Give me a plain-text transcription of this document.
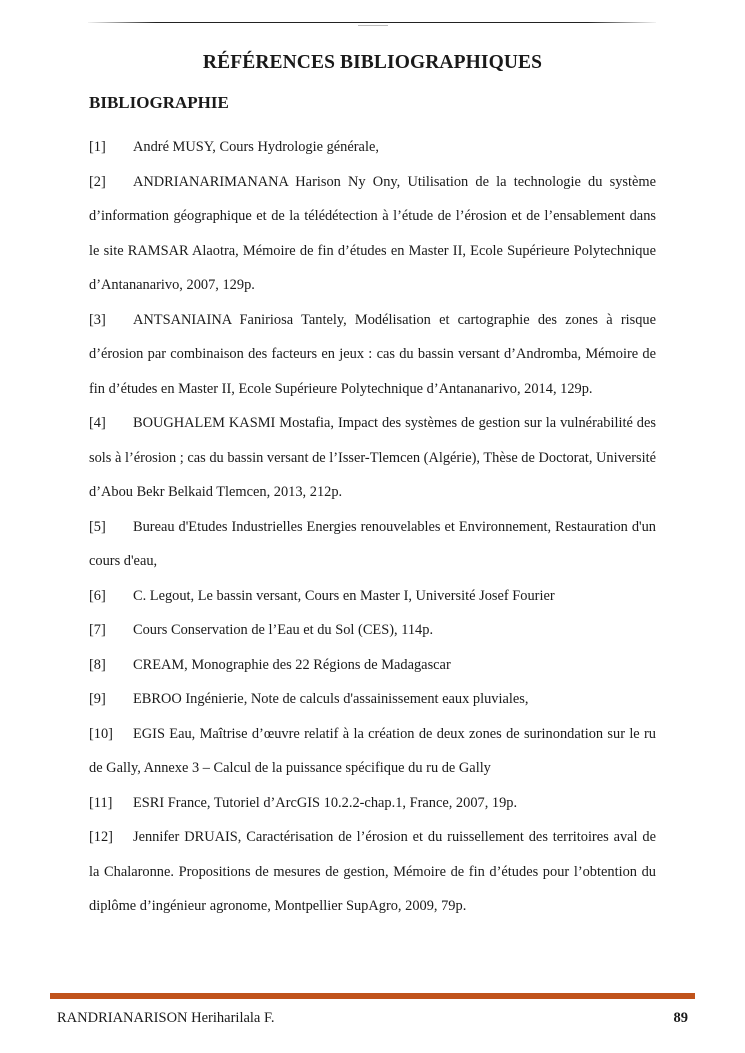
RÉFÉRENCES BIBLIOGRAPHIQUES
BIBLIOGRAPHIE
[1]	André MUSY, Cours Hydrologie générale,
[2]	ANDRIANARIMANANA Harison Ny Ony, Utilisation de la technologie du système d’information géographique et de la télédétection à l’étude de l’érosion et de l’ensablement dans le site RAMSAR Alaotra, Mémoire de fin d’études en Master II, Ecole Supérieure Polytechnique d’Antananarivo, 2007, 129p.
[3]	ANTSANIAINA Faniriosa Tantely, Modélisation et cartographie des zones à risque d’érosion par combinaison des facteurs en jeux : cas du bassin versant d’Andromba, Mémoire de fin d’études en Master II, Ecole Supérieure Polytechnique d’Antananarivo, 2014, 129p.
[4]	BOUGHALEM KASMI Mostafia, Impact des systèmes de gestion sur la vulnérabilité des sols à l’érosion ; cas du bassin versant de l’Isser-Tlemcen (Algérie), Thèse de Doctorat, Université d’Abou Bekr Belkaid Tlemcen, 2013, 212p.
[5]	Bureau d'Etudes Industrielles Energies renouvelables et Environnement, Restauration d'un cours d'eau,
[6]	C. Legout, Le bassin versant, Cours en Master I, Université Josef Fourier
[7]	Cours Conservation de l’Eau et du Sol (CES), 114p.
[8]	CREAM, Monographie des 22 Régions de Madagascar
[9]	EBROO Ingénierie, Note de calculs d'assainissement eaux pluviales,
[10]	EGIS Eau, Maîtrise d’œuvre relatif à la création de deux zones de surinondation sur le ru de Gally, Annexe 3 – Calcul de la puissance spécifique du ru de Gally
[11]	ESRI France, Tutoriel d’ArcGIS 10.2.2-chap.1, France, 2007, 19p.
[12]	Jennifer DRUAIS, Caractérisation de l’érosion et du ruissellement des territoires aval de la Chalaronne. Propositions de mesures de gestion, Mémoire de fin d’études pour l’obtention du diplôme d’ingénieur agronome, Montpellier SupAgro, 2009, 79p.
RANDRIANARISON Heriharilala F.	89
